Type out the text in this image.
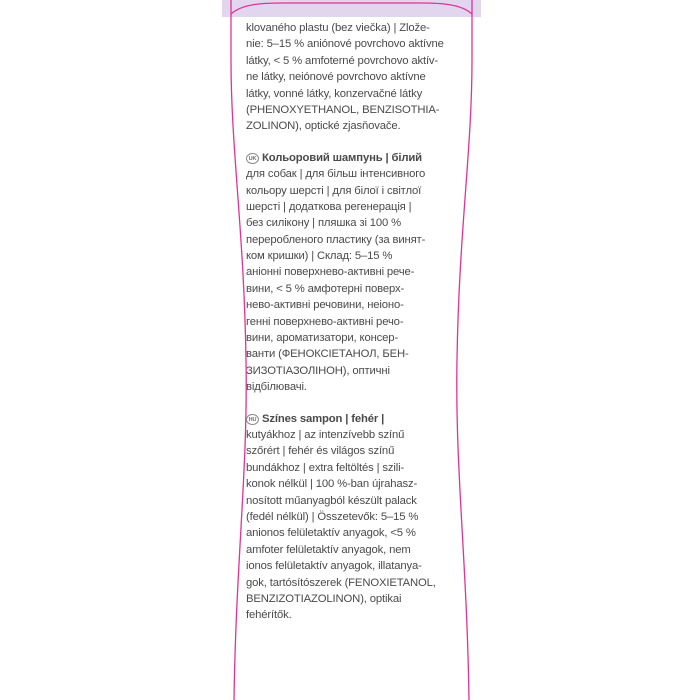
klovaného plastu (bez viečka) | Zlože-
nie: 5–15 % aniónové povrchovo aktívne
látky, < 5 % amfoterné povrchovo aktív-
ne látky, neiónové povrchovo aktívne
látky, vonné látky, konzervačné látky
(PHENOXYETHANOL, BENZISOTHIA-
ZOLINON), optické zjasňovače.
UK Кольоровий шампунь | білий
для собак | для більш інтенсивного
кольору шерсті | для білої і світлої
шерсті | додаткова регенерація |
без силікону | пляшка зі 100 %
переробленого пластику (за винят-
ком кришки) | Склад: 5–15 %
аніонні поверхнево-активні рече-
вини, < 5 % амфотерні поверх-
нево-активні речовини, неіоно-
генні поверхнево-активні речо-
вини, ароматизатори, консер-
ванти (ФЕНОКСІЕТАНОЛ, БЕН-
ЗИЗОТІАЗОЛІНОН), оптичні
відбілювачі.
HU Színes sampon | fehér |
kutyákhoz | az intenzívebb színű
szőrért | fehér és világos színű
bundákhoz | extra feltöltés | szili-
konok nélkül | 100 %-ban újrahasz-
nosított műanyagból készült palack
(fedél nélkül) | Összetevők: 5–15 %
anionos felületaktív anyagok, <5 %
amfoter felületaktív anyagok, nem
ionos felületaktív anyagok, illatanya-
gok, tartósítószerek (FENOXIETANOL,
BENZIZOTIAZOLINON), optikai
fehérítők.
